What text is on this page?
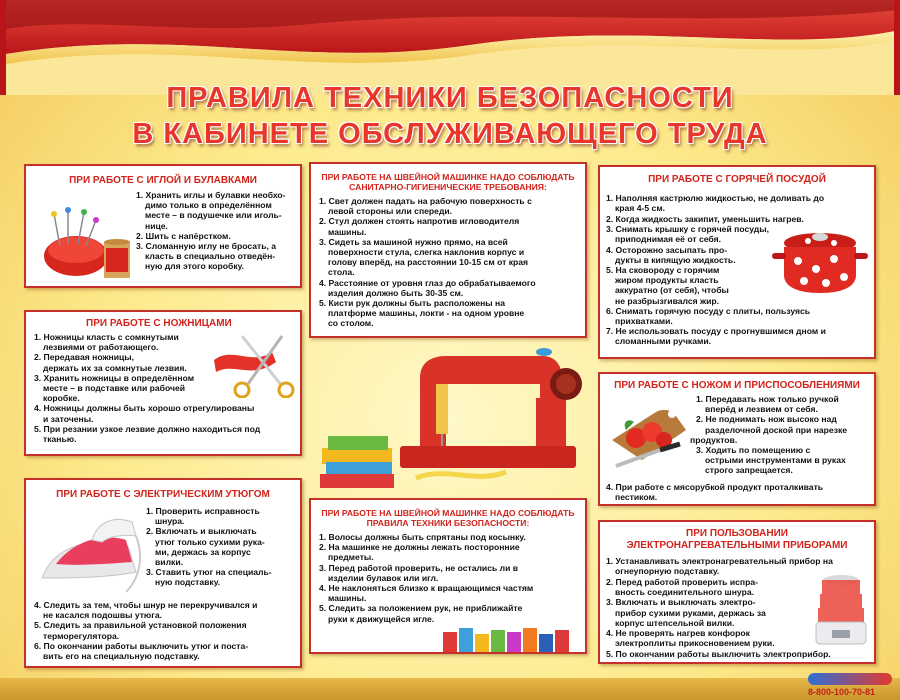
ПРАВИЛА ТЕХНИКИ БЕЗОПАСНОСТИ
В КАБИНЕТЕ ОБСЛУЖИВАЮЩЕГО ТРУДА
ПРИ РАБОТЕ С ИГЛОЙ И БУЛАВКАМИ
1. Хранить иглы и булавки необхо-
димо только в определённом
месте – в подушечке или иголь-
нице.
2. Шить с напёрстком.
3. Сломанную иглу не бросать, а
класть в специально отведён-
ную для этого коробку.
ПРИ РАБОТЕ С НОЖНИЦАМИ
1. Ножницы класть с сомкнутыми
лезвиями от работающего.
2. Передавая ножницы,
держать их за сомкнутые лезвия.
3. Хранить ножницы в определённом
месте – в подставке или рабочей
коробке.
4. Ножницы должны быть хорошо отрегулированы
и заточены.
5. При резании узкое лезвие должно находиться под
тканью.
ПРИ РАБОТЕ С ЭЛЕКТРИЧЕСКИМ УТЮГОМ
1. Проверить исправность
шнура.
2. Включать и выключать
утюг только сухими рука-
ми, держась за корпус
вилки.
3. Ставить утюг на специаль-
ную подставку.
4. Следить за тем, чтобы шнур не перекручивался и
не касался подошвы утюга.
5. Следить за правильной установкой положения
терморегулятора.
6. По окончании работы выключить утюг и поста-
вить его на специальную подставку.
ПРИ РАБОТЕ НА ШВЕЙНОЙ МАШИНКЕ НАДО СОБЛЮДАТЬ
САНИТАРНО-ГИГИЕНИЧЕСКИЕ ТРЕБОВАНИЯ:
1. Свет должен падать на рабочую поверхность с
левой стороны или спереди.
2. Стул должен стоять напротив игловодителя
машины.
3. Сидеть за машиной нужно прямо, на всей
поверхности стула, слегка наклонив корпус и
голову вперёд, на расстоянии 10-15 см от края
стола.
4. Расстояние от уровня глаз до обрабатываемого
изделия должно быть 30-35 см.
5. Кисти рук должны быть расположены на
платформе машины, локти - на одном уровне
со столом.
ПРИ РАБОТЕ НА ШВЕЙНОЙ МАШИНКЕ НАДО СОБЛЮДАТЬ
ПРАВИЛА ТЕХНИКИ БЕЗОПАСНОСТИ:
1. Волосы должны быть спрятаны под косынку.
2. На машинке не должны лежать посторонние
предметы.
3. Перед работой проверить, не остались ли в
изделии булавок или игл.
4. Не наклоняться близко к вращающимся частям
машины.
5. Следить за положением рук, не приближайте
руки к движущейся игле.
ПРИ РАБОТЕ С ГОРЯЧЕЙ ПОСУДОЙ
1. Наполняя кастрюлю жидкостью, не доливать до
края 4-5 см.
2. Когда жидкость закипит, уменьшить нагрев.
3. Снимать крышку с горячей посуды,
приподнимая её от себя.
4. Осторожно засыпать про-
дукты в кипящую жидкость.
5. На сковороду с горячим
жиром продукты класть
аккуратно (от себя), чтобы
не разбрызгивался жир.
6. Снимать горячую посуду с плиты, пользуясь
прихватками.
7. Не использовать посуду с прогнувшимся дном и
сломанными ручками.
ПРИ РАБОТЕ С НОЖОМ И ПРИСПОСОБЛЕНИЯМИ
1. Передавать нож только ручкой
вперёд и лезвием от себя.
2. Не поднимать нож высоко над
разделочной доской при нарезке
продуктов.
3. Ходить по помещению с
острыми инструментами в руках
строго запрещается.
4. При работе с мясорубкой продукт проталкивать
пестиком.
ПРИ ПОЛЬЗОВАНИИ
ЭЛЕКТРОНАГРЕВАТЕЛЬНЫМИ ПРИБОРАМИ
1. Устанавливать электронагревательный прибор на
огнеупорную подставку.
2. Перед работой проверить испра-
вность соединительного шнура.
3. Включать и выключать электро-
прибор сухими руками, держась за
корпус штепсельной вилки.
4. Не проверять нагрев конфорок
электроплиты прикосновением руки.
5. По окончании работы выключить электроприбор.
8-800-100-70-81
